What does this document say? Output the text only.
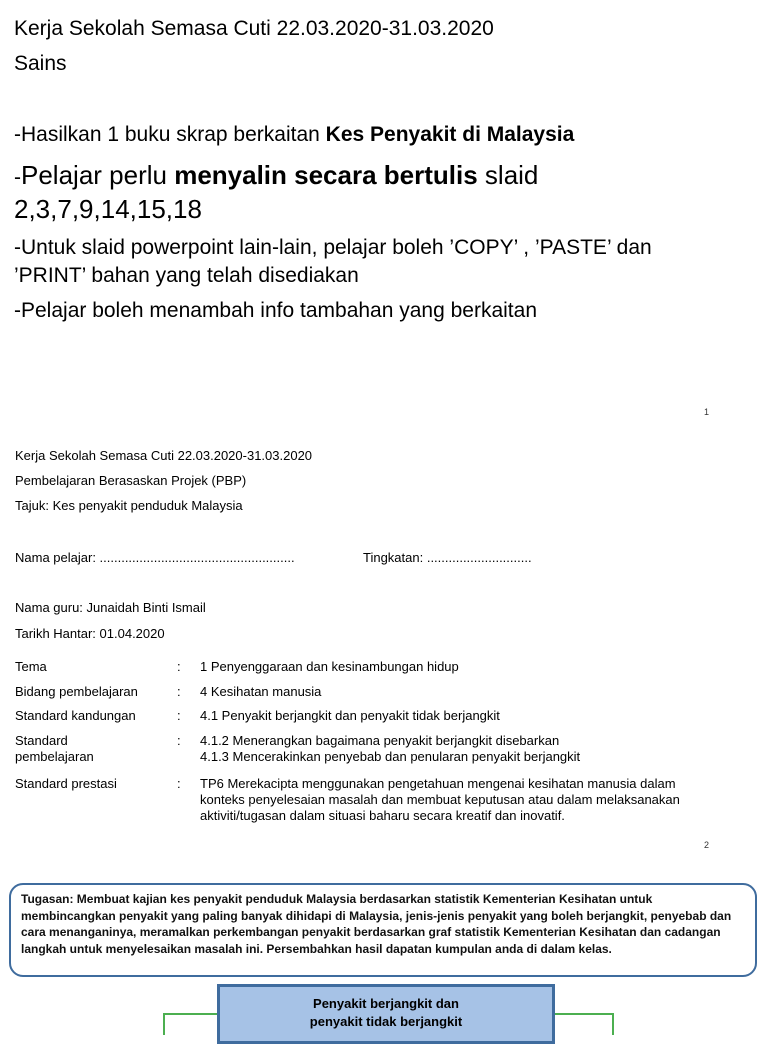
Kerja Sekolah Semasa Cuti 22.03.2020-31.03.2020
Sains
-Hasilkan 1 buku skrap berkaitan Kes Penyakit di Malaysia
-Pelajar perlu menyalin secara bertulis slaid
2,3,7,9,14,15,18
-Untuk slaid powerpoint lain-lain, pelajar boleh ’COPY’ , ’PASTE’ dan
’PRINT’ bahan yang telah disediakan
-Pelajar boleh menambah info tambahan yang berkaitan
1
Kerja Sekolah Semasa Cuti 22.03.2020-31.03.2020
Pembelajaran Berasaskan Projek (PBP)
Tajuk: Kes penyakit penduduk Malaysia
Nama pelajar: ......................................................	Tingkatan: .............................
Nama guru: Junaidah Binti Ismail
Tarikh Hantar: 01.04.2020
Tema	: 1 Penyenggaraan dan kesinambungan hidup
Bidang pembelajaran	: 4 Kesihatan manusia
Standard kandungan	: 4.1 Penyakit berjangkit dan penyakit tidak berjangkit
Standard
pembelajaran
: 4.1.2 Menerangkan bagaimana penyakit berjangkit disebarkan
4.1.3 Mencerakinkan penyebab dan penularan penyakit berjangkit
Standard prestasi	: TP6 Merekacipta menggunakan pengetahuan mengenai kesihatan manusia dalam
konteks penyelesaian masalah dan membuat keputusan atau dalam melaksanakan
aktiviti/tugasan dalam situasi baharu secara kreatif dan inovatif.
2
Tugasan: Membuat kajian kes penyakit penduduk Malaysia berdasarkan statistik Kementerian Kesihatan untuk
membincangkan penyakit yang paling banyak dihidapi di Malaysia, jenis-jenis penyakit yang boleh berjangkit, penyebab dan
cara menanganinya, meramalkan perkembangan penyakit berdasarkan graf statistik Kementerian Kesihatan dan cadangan
langkah untuk menyelesaikan masalah ini. Persembahkan hasil dapatan kumpulan anda di dalam kelas.
Penyakit berjangkit dan
penyakit tidak berjangkit
